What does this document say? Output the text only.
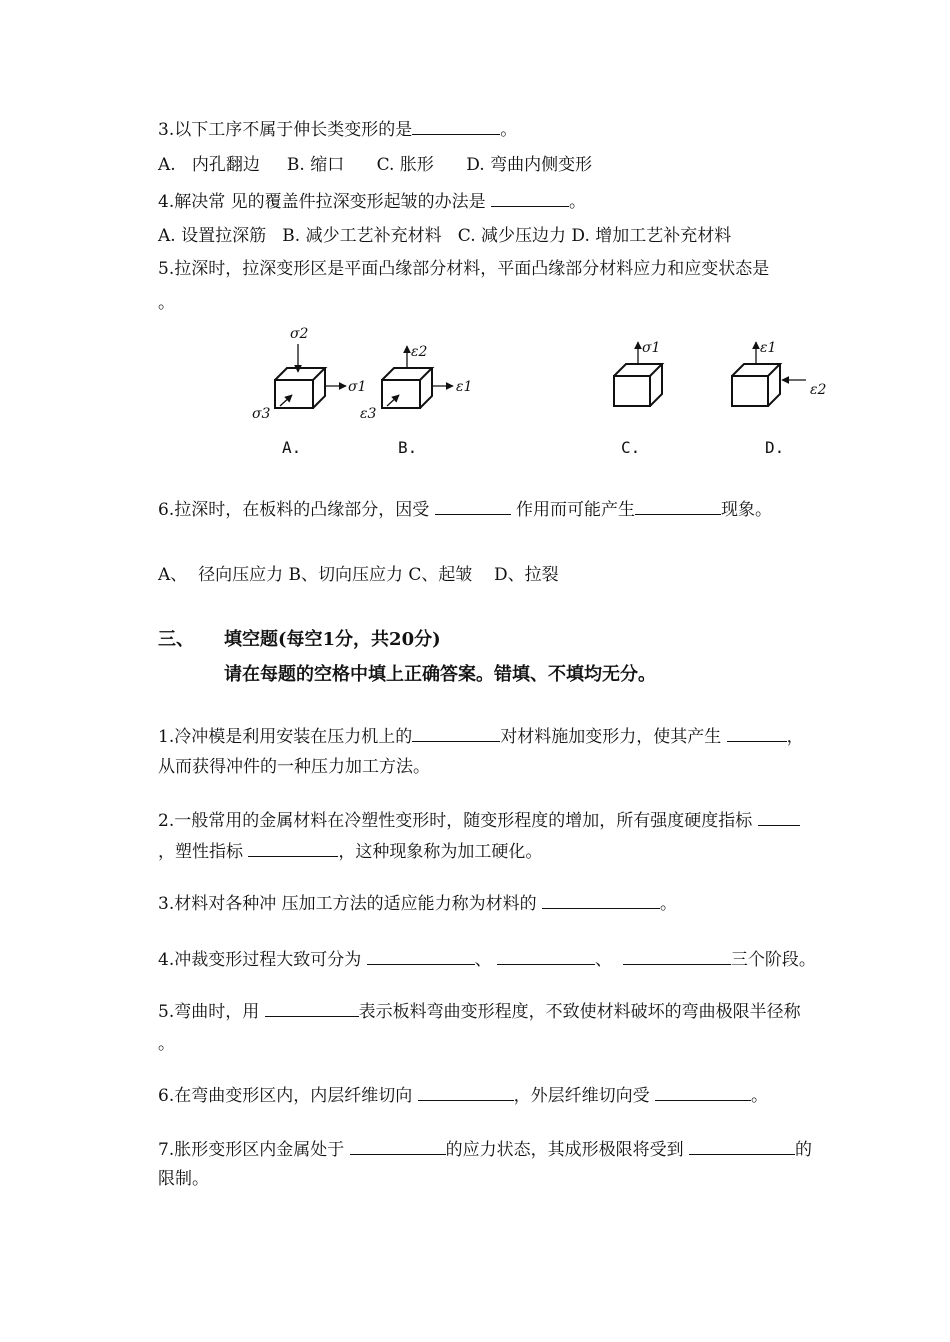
3.以下工序不属于伸长类变形的是	。
A.   内孔翻边     B. 缩口      C. 胀形      D. 弯曲内侧变形
4.解决常 见的覆盖件拉深变形起皱的办法是	。
A. 设置拉深筋   B. 减少工艺补充材料   C. 减少压边力 D. 增加工艺补充材料
5.拉深时，拉深变形区是平面凸缘部分材料，平面凸缘部分材料应力和应变状态是
。
σ2
σ1
σ3
ε2
ε1
ε3
σ1	ε1
ε2
A.	B.	C.	D.
6.拉深时，在板料的凸缘部分，因受	作用而可能产生	现象。
A、  径向压应力 B、切向压应力 C、起皱    D、拉裂
三、 填空题(每空1分，共20分)
请在每题的空格中填上正确答案。错填、不填均无分。
1.冷冲模是利用安装在压力机上的	对材料施加变形力，使其产生	，
从而获得冲件的一种压力加工方法。
2.一般常用的金属材料在冷塑性变形时，随变形程度的增加，所有强度硬度指标
，塑性指标	，这种现象称为加工硬化。
3.材料对各种冲 压加工方法的适应能力称为材料的	。
4.冲裁变形过程大致可分为	、	、	三个阶段。
5.弯曲时，用	表示板料弯曲变形程度，不致使材料破坏的弯曲极限半径称
。
6.在弯曲变形区内，内层纤维切向	，外层纤维切向受	。
7.胀形变形区内金属处于	的应力状态，其成形极限将受到	的
限制。
